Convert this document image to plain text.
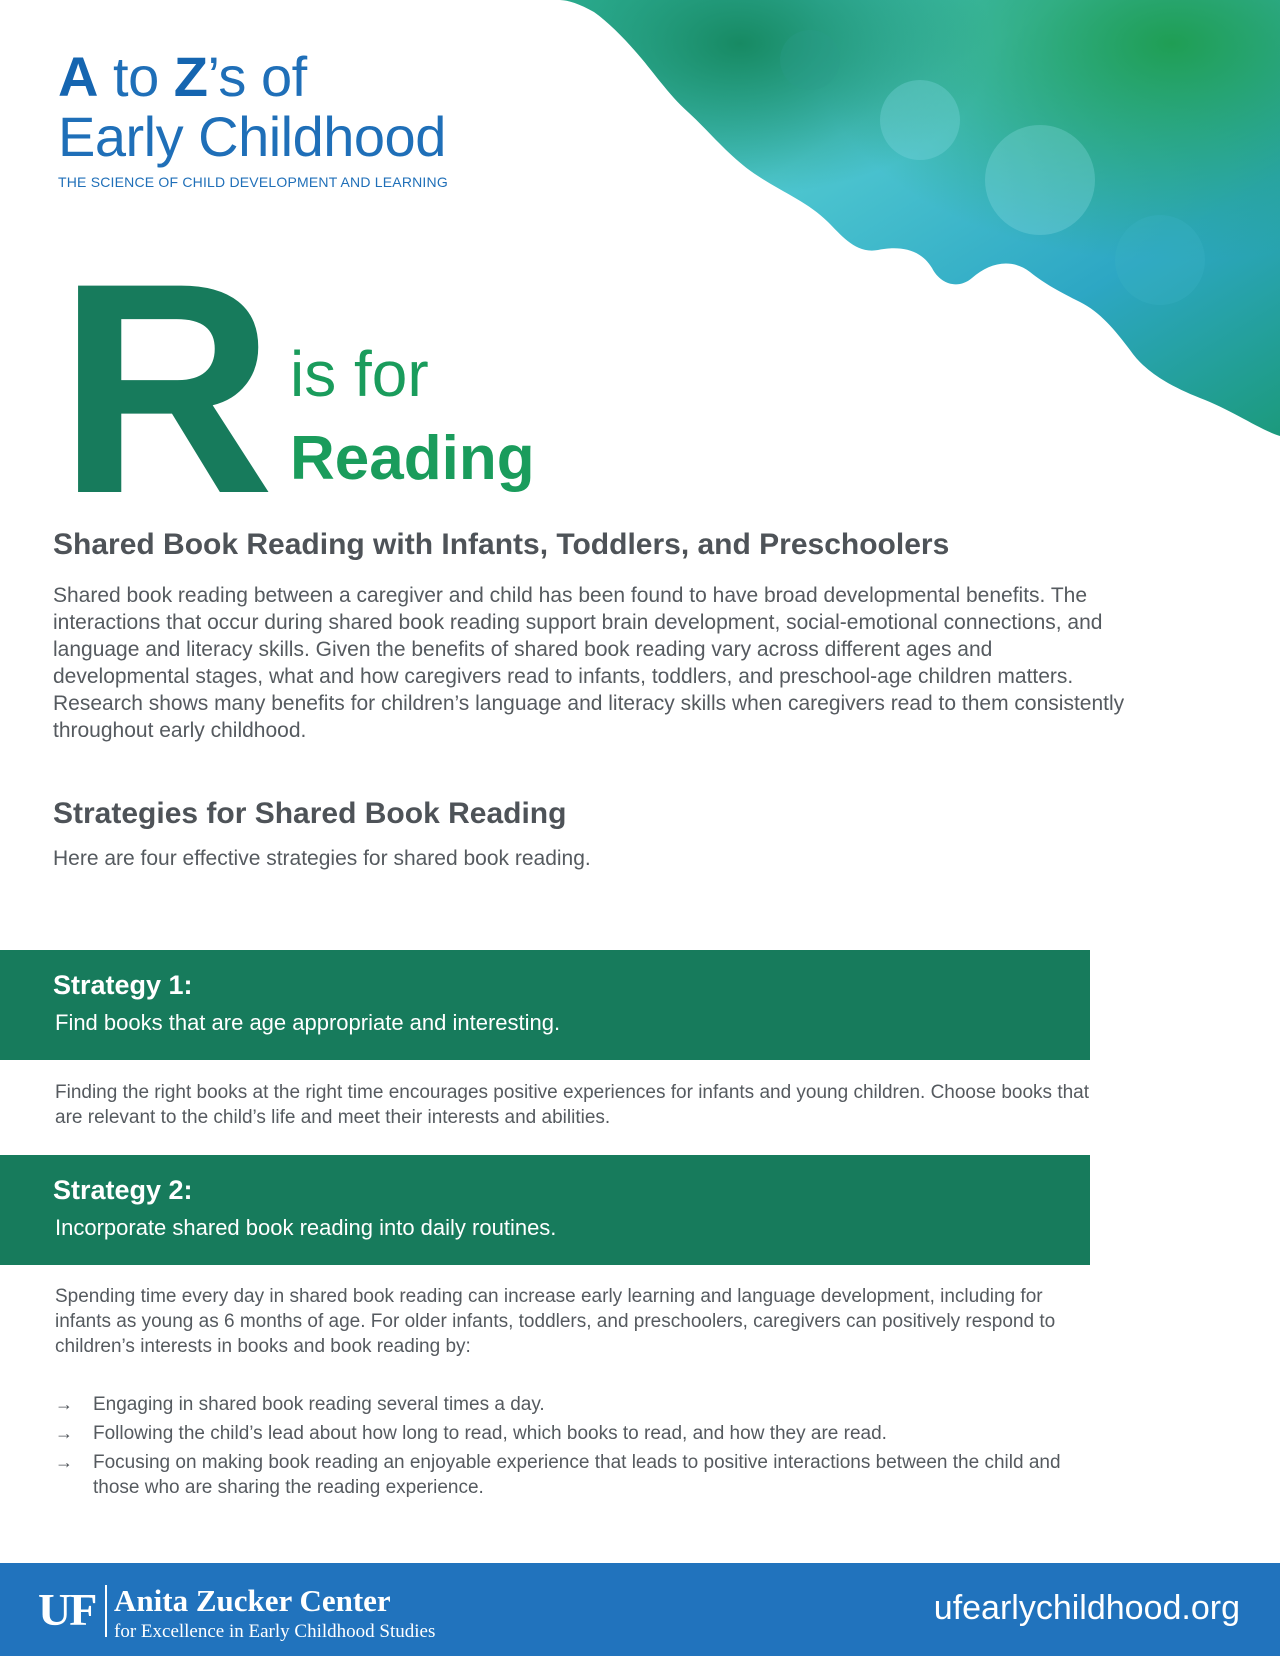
A to Z’s of
Early Childhood
THE SCIENCE OF CHILD DEVELOPMENT AND LEARNING
R is for
Reading
Shared Book Reading with Infants, Toddlers, and Preschoolers

Shared book reading between a caregiver and child has been found to have broad developmental benefits. The interactions that occur during shared book reading support brain development, social-emotional connections, and language and literacy skills. Given the benefits of shared book reading vary across different ages and developmental stages, what and how caregivers read to infants, toddlers, and preschool-age children matters. Research shows many benefits for children’s language and literacy skills when caregivers read to them consistently throughout early childhood.

Strategies for Shared Book Reading

Here are four effective strategies for shared book reading.

Strategy 1:
Find books that are age appropriate and interesting.

Finding the right books at the right time encourages positive experiences for infants and young children. Choose books that are relevant to the child’s life and meet their interests and abilities.

Strategy 2:
Incorporate shared book reading into daily routines.

Spending time every day in shared book reading can increase early learning and language development, including for infants as young as 6 months of age. For older infants, toddlers, and preschoolers, caregivers can positively respond to children’s interests in books and book reading by:

→ Engaging in shared book reading several times a day.
→ Following the child’s lead about how long to read, which books to read, and how they are read.
→ Focusing on making book reading an enjoyable experience that leads to positive interactions between the child and those who are sharing the reading experience.
UF Anita Zucker Center
for Excellence in Early Childhood Studies
ufearlychildhood.org
